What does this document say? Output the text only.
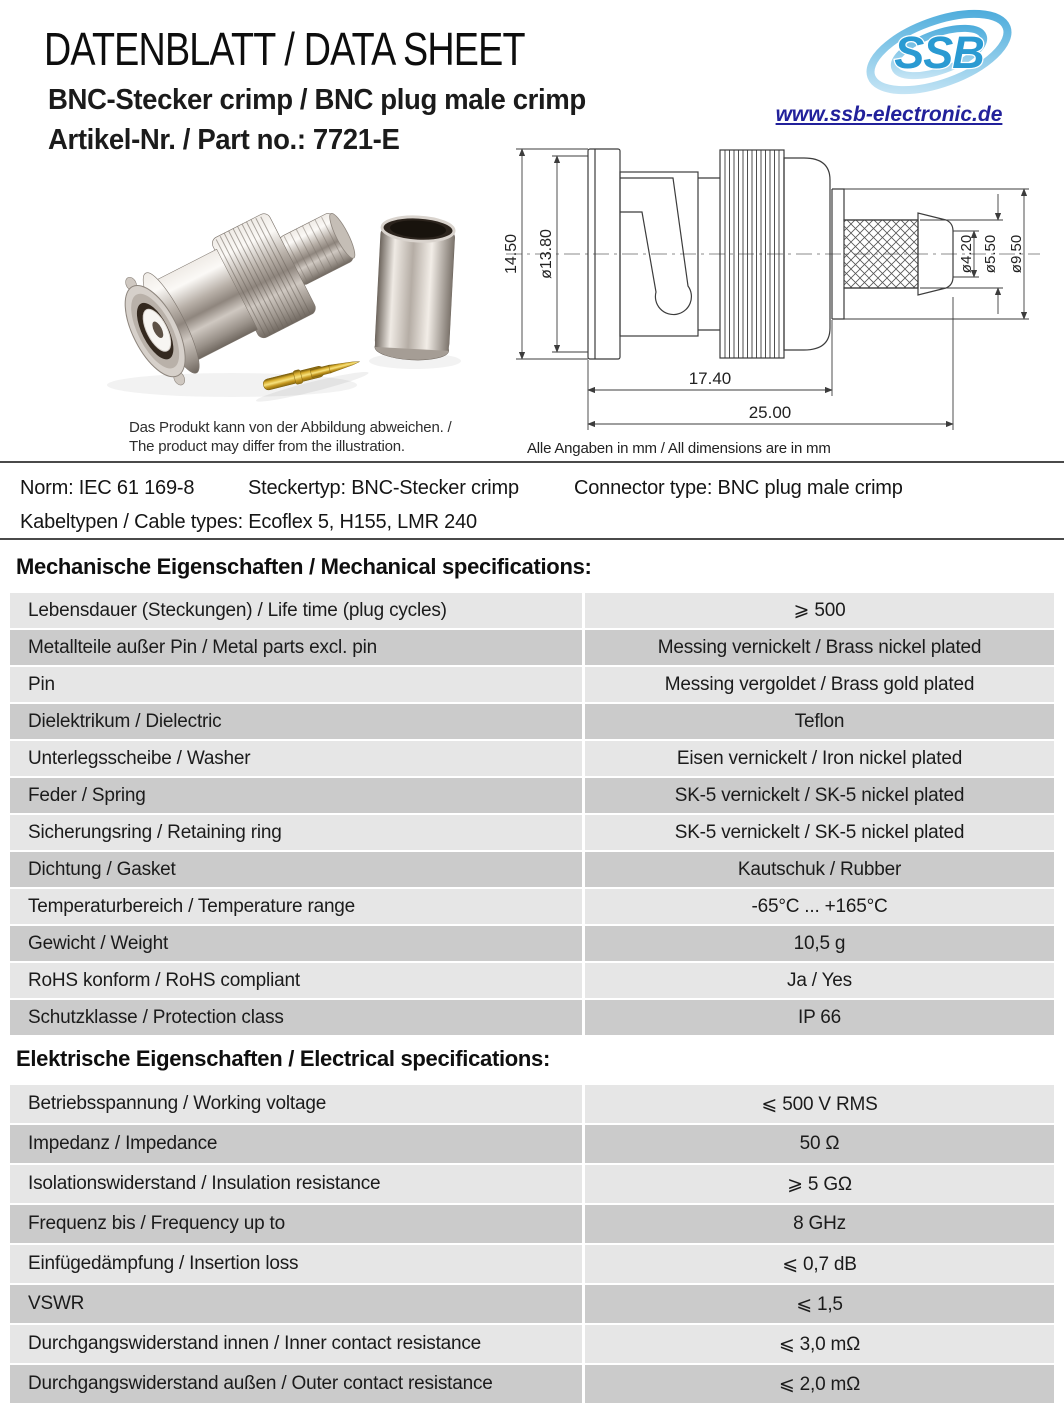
DATENBLATT / DATA SHEET
BNC-Stecker crimp / BNC plug male crimp
Artikel-Nr. / Part no.: 7721-E
SSB
www.ssb-electronic.de
Das Produkt kann von der Abbildung abweichen. /
The product may differ from the illustration.
14.50 ø13.80	ø4.20 ø5.50 ø9.50
17.40
25.00
Alle Angaben in mm / All dimensions are in mm
Norm: IEC 61 169-8	Steckertyp: BNC-Stecker crimp	Connector type: BNC plug male crimp
Kabeltypen / Cable types: Ecoflex 5, H155, LMR 240
Mechanische Eigenschaften / Mechanical specifications:
Lebensdauer (Steckungen) / Life time (plug cycles)	⩾ 500
Metallteile außer Pin / Metal parts excl. pin	Messing vernickelt / Brass nickel plated
Pin	Messing vergoldet / Brass gold plated
Dielektrikum / Dielectric	Teflon
Unterlegsscheibe / Washer	Eisen vernickelt / Iron nickel plated
Feder / Spring	SK-5 vernickelt / SK-5 nickel plated
Sicherungsring / Retaining ring	SK-5 vernickelt / SK-5 nickel plated
Dichtung / Gasket	Kautschuk / Rubber
Temperaturbereich / Temperature range	-65°C ... +165°C
Gewicht / Weight	10,5 g
RoHS konform / RoHS compliant	Ja / Yes
Schutzklasse / Protection class	IP 66
Elektrische Eigenschaften / Electrical specifications:
Betriebsspannung / Working voltage	⩽ 500 V RMS
Impedanz / Impedance	50 Ω
Isolationswiderstand / Insulation resistance	⩾ 5 GΩ
Frequenz bis / Frequency up to	8 GHz
Einfügedämpfung / Insertion loss	⩽ 0,7 dB
VSWR	⩽ 1,5
Durchgangswiderstand innen / Inner contact resistance	⩽ 3,0 mΩ
Durchgangswiderstand außen / Outer contact resistance	⩽ 2,0 mΩ
